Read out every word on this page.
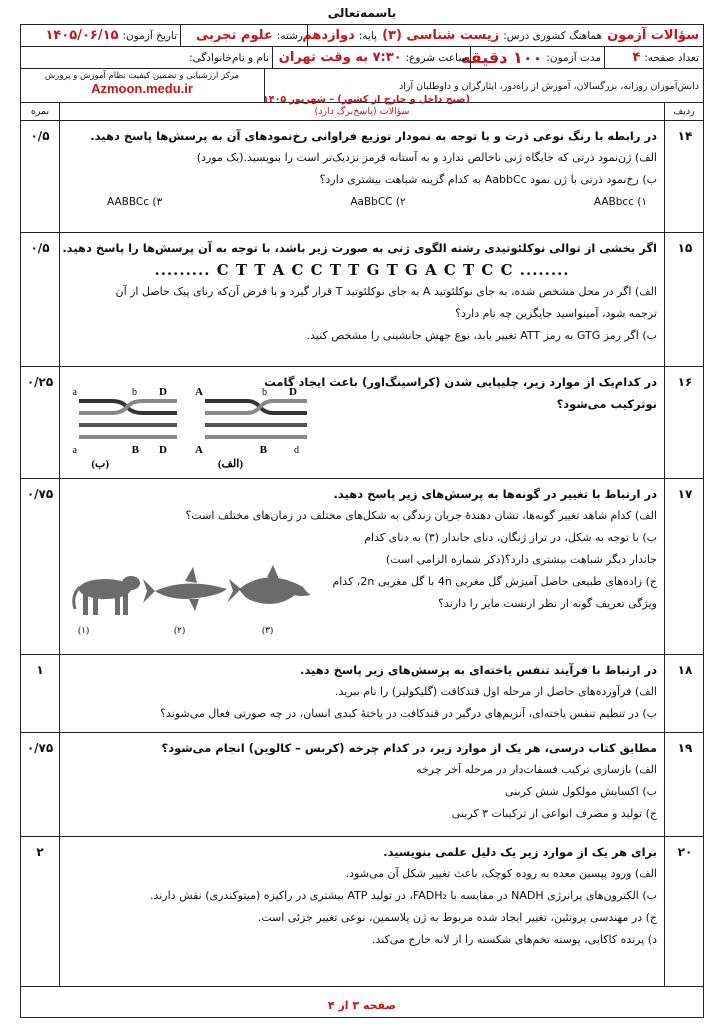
باسمه‌تعالی
سؤالات آزمون

هماهنگ کشوری درس:
زیست شناسی (۳)

پایه:
دوازدهم
رشته:
علوم تجربی
تاریخ آزمون:
۱۴۰۵/۰۶/۱۵
تعداد صفحه:
۴
مدت آزمون:
۱۰۰ دقیقه
ساعت شروع:
۷:۳۰ به وقت تهران
نام و نام‌خانوادگی:
دانش‌آموزان روزانه، بزرگسالان، آموزش از راه‌دور، ایثارگران و داوطلبان آزاد
مرکز ارزشیابی و تضمین کیفیت نظام آموزش و پرورش
Azmoon.medu.ir
(صبح داخل و خارج از کشور) – شهریور ۱۴۰۵
ردیف
سؤالات (پاسخ‌برگ دارد)
نمره
۱۴
۰/۵	در رابطه با رنگ نوعی ذرت و با توجه به نمودار توزیع فراوانی رخ‌نمودهای آن به پرسش‌ها پاسخ دهید.

الف) ژن‌نمود ذرتی که جایگاه ژنی ناخالص ندارد و به آستانه قرمز نزدیک‌تر است را بنویسید.(یک مورد)

ب) رخ‌نمود ذرتی با ژن نمود AabbCc به کدام گزینه شباهت بیشتری دارد؟

۱) AABbcc
۲) AaBbCC
۳) AABBCc
۱۵
۰/۵	اگر بخشی از توالی نوکلئوتیدی رشته الگوی ژنی به صورت زیر باشد، با توجه به آن پرسش‌ها را پاسخ دهید.

......... C T T A C C T T G T G A C T C C ........

الف) اگر در محل مشخص شده، به جای نوکلئوتید A به جای نوکلئوتید T قرار گیرد و با فرض آن‌که رنای پیک حاصل از آن

ترجمه شود، آمینواسید جایگزین چه نام دارد؟

ب) اگر رمز GTG به رمز ATT تغییر یابد، نوع جهش جانشینی را مشخص کنید.

۱۶
۰/۲۵	در کدام‌یک از موارد زیر، چلیپایی شدن (کراسینگ‌اور) باعث ایجاد گامت

نوترکیب می‌شود؟

a	b D
a	B D
(ب)
A	b D
A	B	d
(الف)
۱۷
۰/۷۵	در ارتباط با تغییر در گونه‌ها به پرسش‌های زیر پاسخ دهید.

الف) کدام شاهد تغییر گونه‌ها، نشان دهندهٔ جریان زندگی به شکل‌های مختلف در زمان‌های مختلف است؟

ب) با توجه به شکل، در تراز ژنگان، دنای جاندار (۳) به دنای کدام

جاندار دیگر شباهت بیشتری دارد؟(ذکر شماره الزامی است)

ج) زاده‌های طبیعی حاصل آمیزش گل مغربی 4n با گل مغربی 2n، کدام

ویژگی تعریف گونه از نظر ارنست مایر را دارند؟

(۱)	(۲)	(۳)
۱۸
۱	در ارتباط با فرآیند تنفس یاخته‌ای به پرسش‌های زیر پاسخ دهید.

الف) فرآورده‌های حاصل از مرحله اول قندکافت (گلیکولیز) را نام ببرید.

ب) در تنظیم تنفس یاخته‌ای، آنزیم‌های درگیر در قندکافت در یاختهٔ کبدی انسان، در چه صورتی فعال می‌شوند؟

۱۹
۰/۷۵	مطابق کتاب درسی، هر یک از موارد زیر، در کدام چرخه (کربس – کالوین) انجام می‌شود؟

الف) بازسازی ترکیب فسفات‌دار در مرحله آخر چرخه

ب) اکسایش مولکول شش کربنی

ج) تولید و مصرف انواعی از ترکیبات ۳ کربنی

۲۰
۲	برای هر یک از موارد زیر یک دلیل علمی بنویسید.

الف) ورود پپسین معده به روده کوچک، باعث تغییر شکل آن می‌شود.

ب) الکترون‌های پرانرژی NADH در مقایسه با FADH₂، در تولید ATP بیشتری در راکیزه (میتوکندری) نقش دارند.

ج) در مهندسی پروتئین، تغییر ایجاد شده مربوط به ژن پلاسمین، نوعی تغییر جزئی است.

د) پرنده کاکایی، پوسته تخم‌های شکسته را از لانه خارج می‌کند.

صفحه ۳ از ۴
